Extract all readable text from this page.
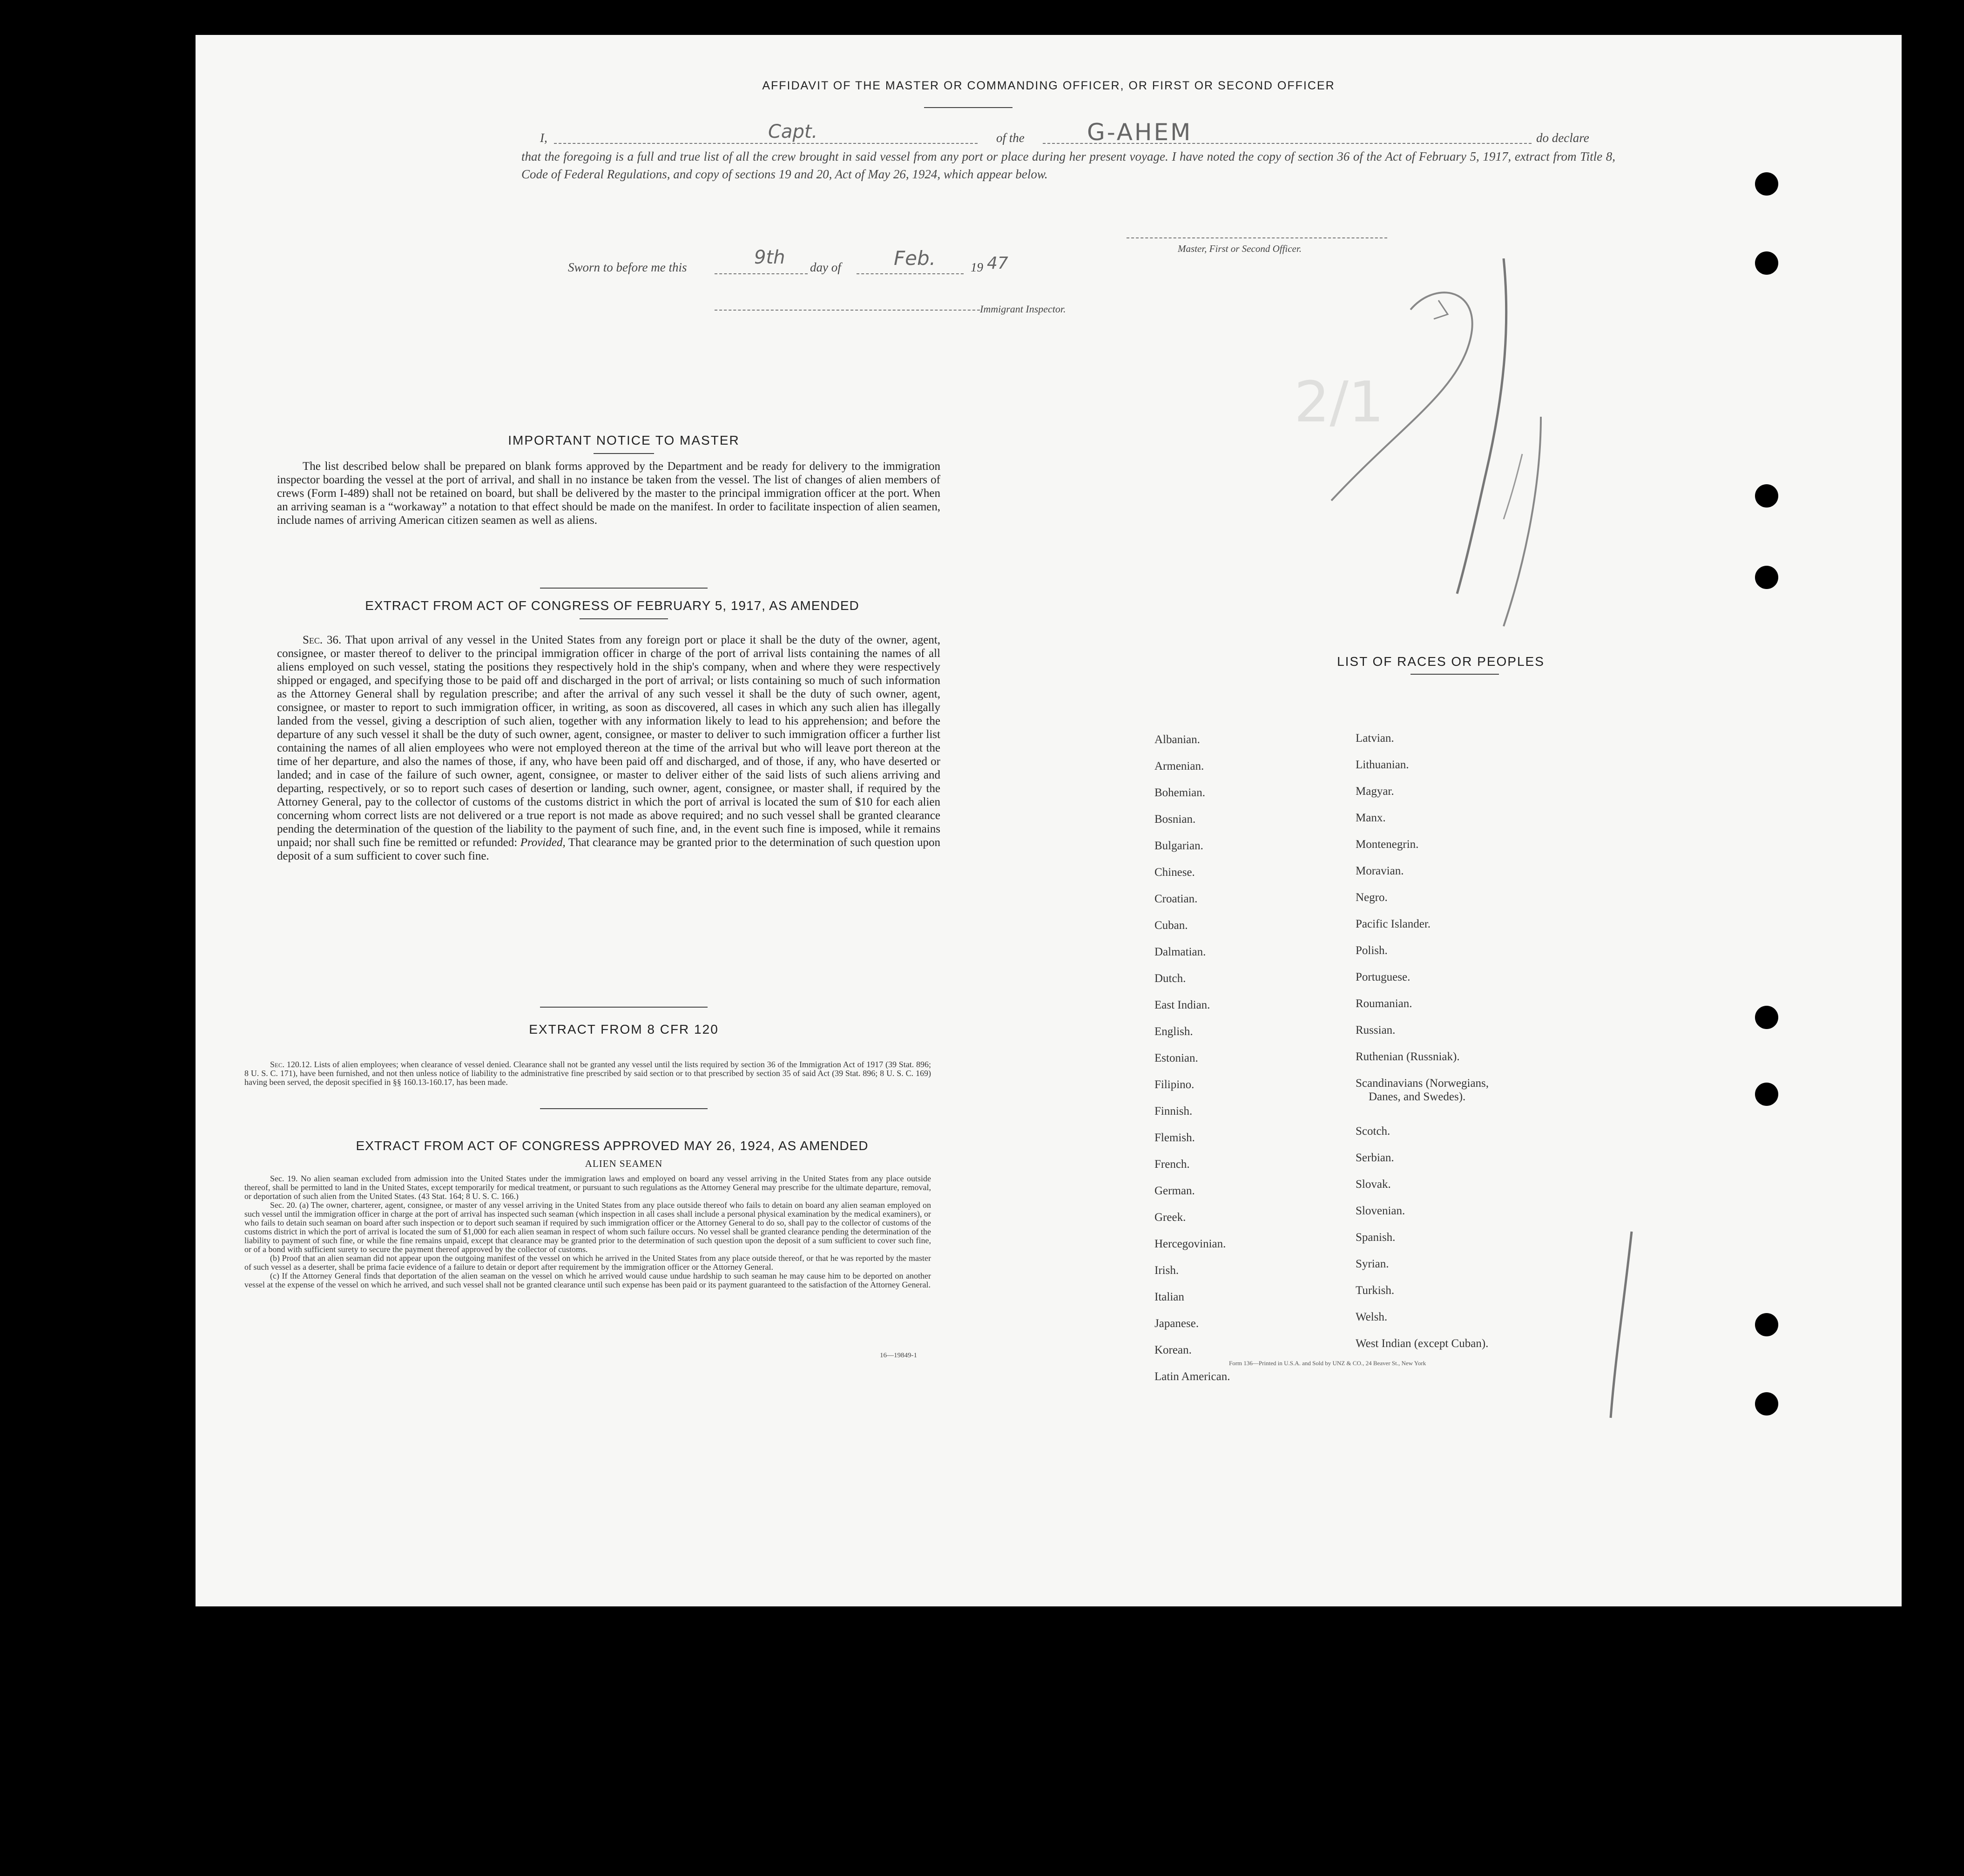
AFFIDAVIT OF THE MASTER OR COMMANDING OFFICER, OR FIRST OR SECOND OFFICER
I,	Capt.	of the	G-AHEM	do declare
that the foregoing is a full and true list of all the crew brought in said vessel from any port or place during her present voyage. I have noted the copy of section 36 of the Act of February 5, 1917, extract from Title 8, Code of Federal Regulations, and copy of sections 19 and 20, Act of May 26, 1924, which appear below.
Master, First or Second Officer.
Sworn to before me this	9th day of	Feb.	19 47
Immigrant Inspector.
2/1
IMPORTANT NOTICE TO MASTER
The list described below shall be prepared on blank forms approved by the Department and be ready for delivery to the immigration inspector boarding the vessel at the port of arrival, and shall in no instance be taken from the vessel. The list of changes of alien members of crews (Form I-489) shall not be retained on board, but shall be delivered by the master to the principal immigration officer at the port. When an arriving seaman is a “workaway” a notation to that effect should be made on the manifest. In order to facilitate inspection of alien seamen, include names of arriving American citizen seamen as well as aliens.
EXTRACT FROM ACT OF CONGRESS OF FEBRUARY 5, 1917, AS AMENDED
Sec. 36. That upon arrival of any vessel in the United States from any foreign port or place it shall be the duty of the owner, agent, consignee, or master thereof to deliver to the principal immigration officer in charge of the port of arrival lists containing the names of all aliens employed on such vessel, stating the positions they respectively hold in the ship's company, when and where they were respectively shipped or engaged, and specifying those to be paid off and discharged in the port of arrival; or lists containing so much of such information as the Attorney General shall by regulation prescribe; and after the arrival of any such vessel it shall be the duty of such owner, agent, consignee, or master to report to such immigration officer, in writing, as soon as discovered, all cases in which any such alien has illegally landed from the vessel, giving a description of such alien, together with any information likely to lead to his apprehension; and before the departure of any such vessel it shall be the duty of such owner, agent, consignee, or master to deliver to such immigration officer a further list containing the names of all alien employees who were not employed thereon at the time of the arrival but who will leave port thereon at the time of her departure, and also the names of those, if any, who have been paid off and discharged, and of those, if any, who have deserted or landed; and in case of the failure of such owner, agent, consignee, or master to deliver either of the said lists of such aliens arriving and departing, respectively, or so to report such cases of desertion or landing, such owner, agent, consignee, or master shall, if required by the Attorney General, pay to the collector of customs of the customs district in which the port of arrival is located the sum of $10 for each alien concerning whom correct lists are not delivered or a true report is not made as above required; and no such vessel shall be granted clearance pending the determination of the question of the liability to the payment of such fine, and, in the event such fine is imposed, while it remains unpaid; nor shall such fine be remitted or refunded: Provided, That clearance may be granted prior to the determination of such question upon deposit of a sum sufficient to cover such fine.
EXTRACT FROM 8 CFR 120
Sec. 120.12. Lists of alien employees; when clearance of vessel denied. Clearance shall not be granted any vessel until the lists required by section 36 of the Immigration Act of 1917 (39 Stat. 896; 8 U. S. C. 171), have been furnished, and not then unless notice of liability to the administrative fine prescribed by said section or to that prescribed by section 35 of said Act (39 Stat. 896; 8 U. S. C. 169) having been served, the deposit specified in §§ 160.13-160.17, has been made.
EXTRACT FROM ACT OF CONGRESS APPROVED MAY 26, 1924, AS AMENDED
ALIEN SEAMEN
Sec. 19. No alien seaman excluded from admission into the United States under the immigration laws and employed on board any vessel arriving in the United States from any place outside thereof, shall be permitted to land in the United States, except temporarily for medical treatment, or pursuant to such regulations as the Attorney General may prescribe for the ultimate departure, removal, or deportation of such alien from the United States. (43 Stat. 164; 8 U. S. C. 166.)
Sec. 20. (a) The owner, charterer, agent, consignee, or master of any vessel arriving in the United States from any place outside thereof who fails to detain on board any alien seaman employed on such vessel until the immigration officer in charge at the port of arrival has inspected such seaman (which inspection in all cases shall include a personal physical examination by the medical examiners), or who fails to detain such seaman on board after such inspection or to deport such seaman if required by such immigration officer or the Attorney General to do so, shall pay to the collector of customs of the customs district in which the port of arrival is located the sum of $1,000 for each alien seaman in respect of whom such failure occurs. No vessel shall be granted clearance pending the determination of the liability to payment of such fine, or while the fine remains unpaid, except that clearance may be granted prior to the determination of such question upon the deposit of a sum sufficient to cover such fine, or of a bond with sufficient surety to secure the payment thereof approved by the collector of customs.
(b) Proof that an alien seaman did not appear upon the outgoing manifest of the vessel on which he arrived in the United States from any place outside thereof, or that he was reported by the master of such vessel as a deserter, shall be prima facie evidence of a failure to detain or deport after requirement by the immigration officer or the Attorney General.
(c) If the Attorney General finds that deportation of the alien seaman on the vessel on which he arrived would cause undue hardship to such seaman he may cause him to be deported on another vessel at the expense of the vessel on which he arrived, and such vessel shall not be granted clearance until such expense has been paid or its payment guaranteed to the satisfaction of the Attorney General.
16—19849-1
LIST OF RACES OR PEOPLES
Albanian.
Armenian.
Bohemian.
Bosnian.
Bulgarian.
Chinese.
Croatian.
Cuban.
Dalmatian.
Dutch.
East Indian.
English.
Estonian.
Filipino.
Finnish.
Flemish.
French.
German.
Greek.
Hercegovinian.
Irish.
Italian
Japanese.
Korean.
Latin American.
Latvian.
Lithuanian.
Magyar.
Manx.
Montenegrin.
Moravian.
Negro.
Pacific Islander.
Polish.
Portuguese.
Roumanian.
Russian.
Ruthenian (Russniak).
Scandinavians (Norwegians,
Danes, and Swedes).
Scotch.
Serbian.
Slovak.
Slovenian.
Spanish.
Syrian.
Turkish.
Welsh.
West Indian (except Cuban).
Form 136—Printed in U.S.A. and Sold by UNZ & CO., 24 Beaver St., New York
